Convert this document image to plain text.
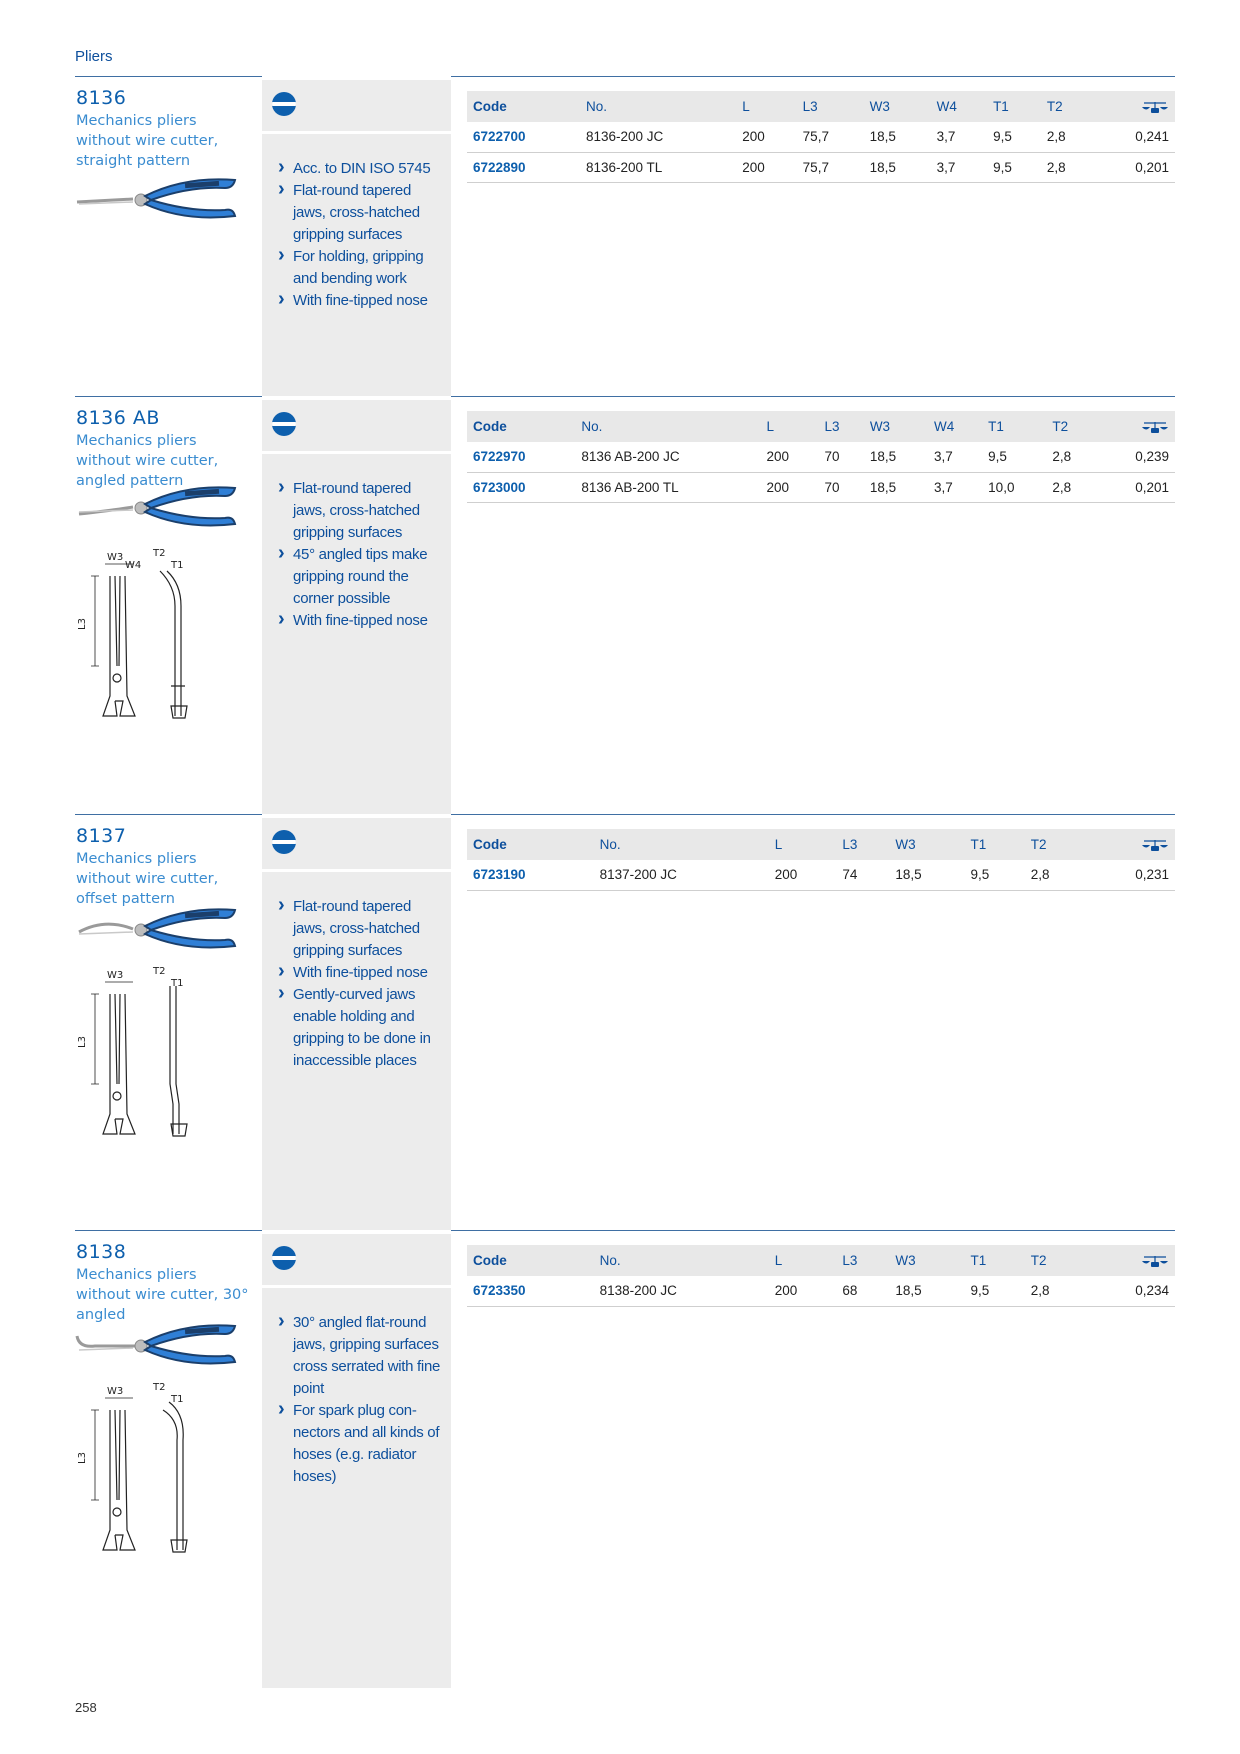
Pliers
8136
Mechanics pliers without wire cutter, straight pattern	› Acc. to DIN ISO 5745
› Flat-round tapered jaws, cross-hatched gripping surfaces
› For holding, gripping and bending work
› With fine-tipped nose
Code	No.	L	L3	W3	W4	T1	T2	
6722700	8136-200 JC	200	75,7	18,5	3,7	9,5	2,8	0,241
6722890	8136-200 TL	200	75,7	18,5	3,7	9,5	2,8	0,201
8136 AB
Mechanics pliers without wire cutter, angled pattern
W3
W4
T2
T1
L3
› Flat-round tapered jaws, cross-hatched gripping surfaces
› 45° angled tips make gripping round the corner possible
› With fine-tipped nose
Code	No.	L	L3	W3	W4	T1	T2	
6722970	8136 AB-200 JC	200	70	18,5	3,7	9,5	2,8	0,239
6723000	8136 AB-200 TL	200	70	18,5	3,7	10,0	2,8	0,201
8137
Mechanics pliers without wire cutter, offset pattern
W3
T1
T2
L3
› Flat-round tapered jaws, cross-hatched gripping surfaces
› With fine-tipped nose
› Gently-curved jaws enable holding and gripping to be done in inaccessible places
Code	No.	L	L3	W3	T1	T2	
6723190	8137-200 JC	200	74	18,5	9,5	2,8	0,231
8138
Mechanics pliers without wire cutter, 30° angled
W3
T1
T2
L3
› 30° angled flat-round jaws, gripping surfaces cross serrated with fine point
› For spark plug con-nectors and all kinds of hoses (e.g. radiator hoses)
Code	No.	L	L3	W3	T1	T2	
6723350	8138-200 JC	200	68	18,5	9,5	2,8	0,234
258
